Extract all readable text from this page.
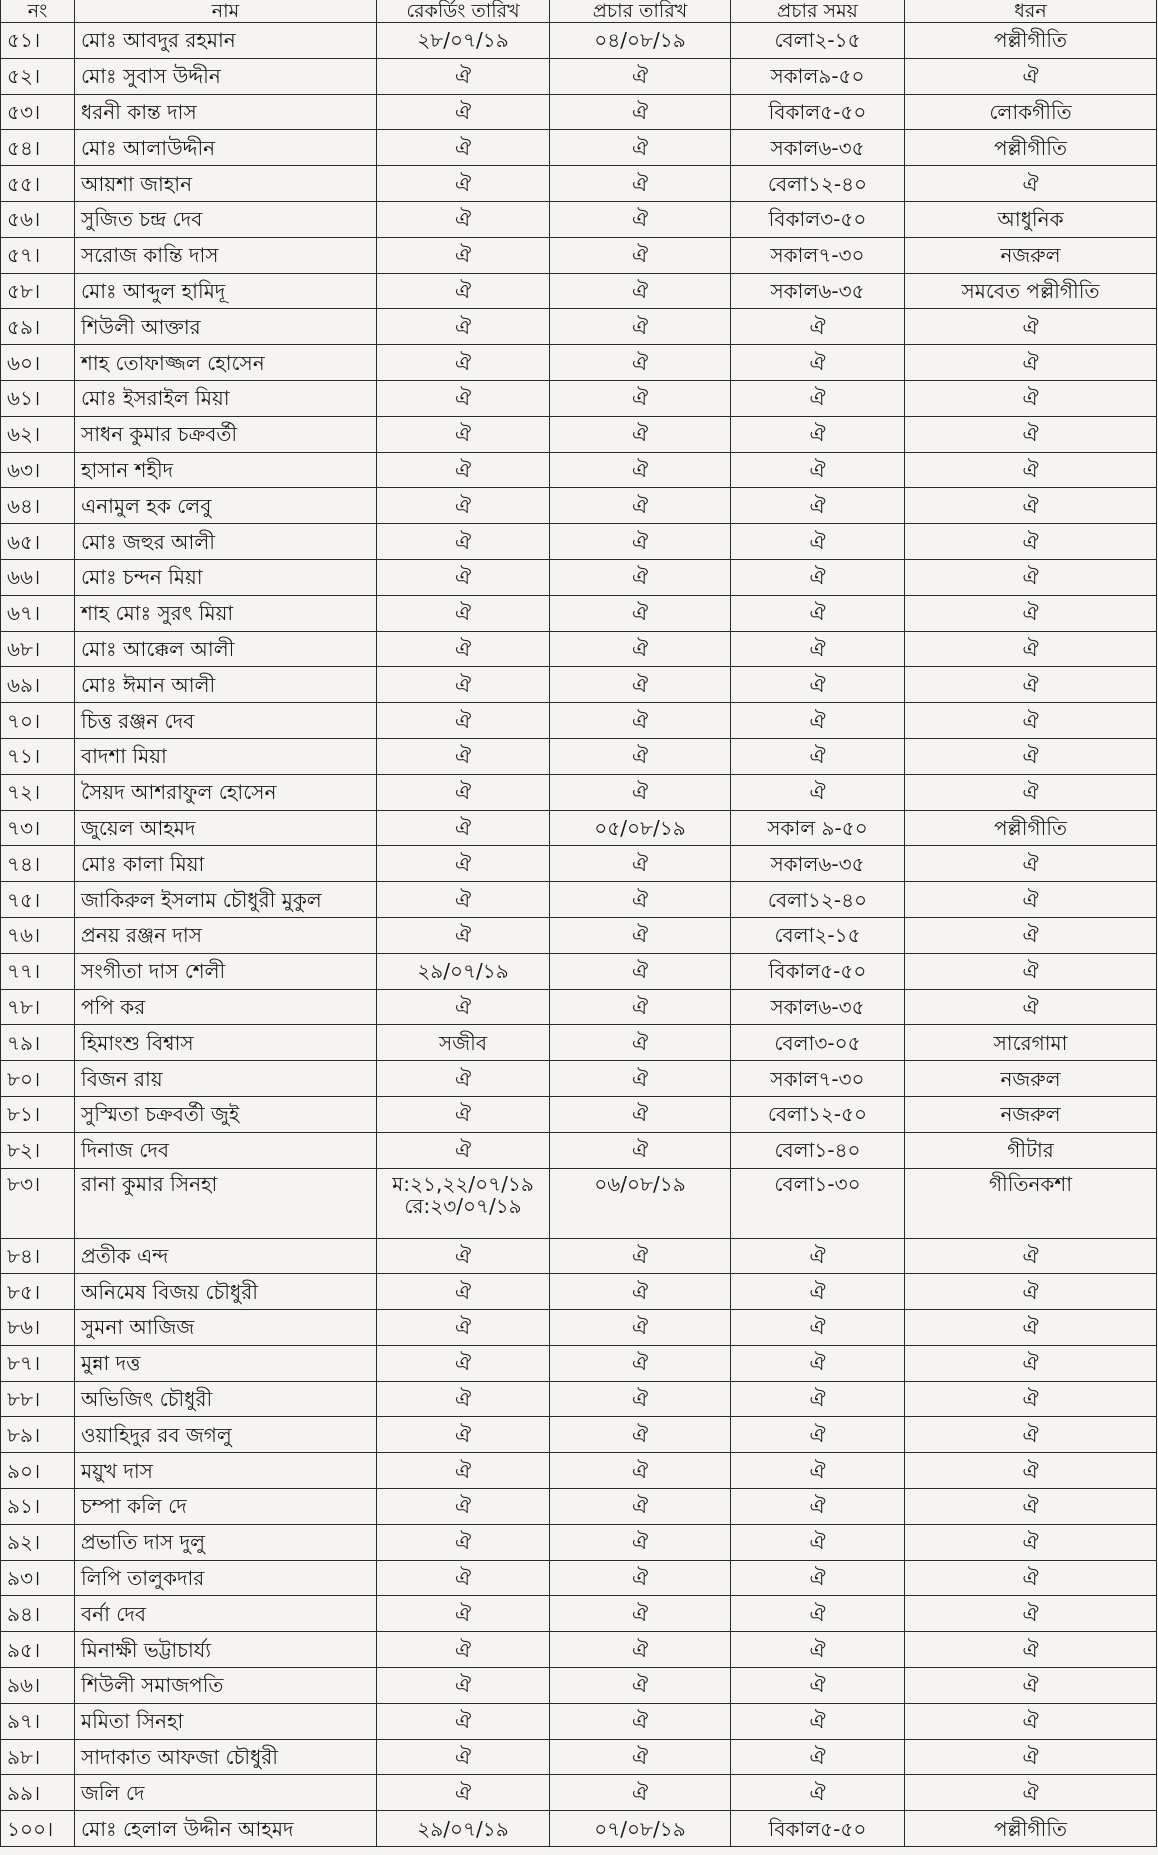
নং	নাম	রেকর্ডিং তারিখ	প্রচার তারিখ	প্রচার সময়	ধরন
৫১।	মোঃ আবদুর রহমান	২৮/০৭/১৯	০৪/০৮/১৯	বেলা২-১৫	পল্লীগীতি
৫২।	মোঃ সুবাস উদ্দীন	ঐ	ঐ	সকাল৯-৫০	ঐ
৫৩।	ধরনী কান্ত দাস	ঐ	ঐ	বিকাল৫-৫০	লোকগীতি
৫৪।	মোঃ আলাউদ্দীন	ঐ	ঐ	সকাল৬-৩৫	পল্লীগীতি
৫৫।	আয়শা জাহান	ঐ	ঐ	বেলা১২-৪০	ঐ
৫৬।	সুজিত চন্দ্র দেব	ঐ	ঐ	বিকাল৩-৫০	আধুনিক
৫৭।	সরোজ কান্তি দাস	ঐ	ঐ	সকাল৭-৩০	নজরুল
৫৮।	মোঃ আব্দুল হামিদূ	ঐ	ঐ	সকাল৬-৩৫	সমবেত পল্লীগীতি
৫৯।	শিউলী আক্তার	ঐ	ঐ	ঐ	ঐ
৬০।	শাহ তোফাজ্জল হোসেন	ঐ	ঐ	ঐ	ঐ
৬১।	মোঃ ইসরাইল মিয়া	ঐ	ঐ	ঐ	ঐ
৬২।	সাধন কুমার চক্রবর্তী	ঐ	ঐ	ঐ	ঐ
৬৩।	হাসান শহীদ	ঐ	ঐ	ঐ	ঐ
৬৪।	এনামুল হক লেবু	ঐ	ঐ	ঐ	ঐ
৬৫।	মোঃ জহুর আলী	ঐ	ঐ	ঐ	ঐ
৬৬।	মোঃ চন্দন মিয়া	ঐ	ঐ	ঐ	ঐ
৬৭।	শাহ মোঃ সুরৎ মিয়া	ঐ	ঐ	ঐ	ঐ
৬৮।	মোঃ আক্কেল আলী	ঐ	ঐ	ঐ	ঐ
৬৯।	মোঃ ঈমান আলী	ঐ	ঐ	ঐ	ঐ
৭০।	চিত্ত রঞ্জন দেব	ঐ	ঐ	ঐ	ঐ
৭১।	বাদশা মিয়া	ঐ	ঐ	ঐ	ঐ
৭২।	সৈয়দ আশরাফুল হোসেন	ঐ	ঐ	ঐ	ঐ
৭৩।	জুয়েল আহমদ	ঐ	০৫/০৮/১৯	সকাল ৯-৫০	পল্লীগীতি
৭৪।	মোঃ কালা মিয়া	ঐ	ঐ	সকাল৬-৩৫	ঐ
৭৫।	জাকিরুল ইসলাম চৌধুরী মুকুল	ঐ	ঐ	বেলা১২-৪০	ঐ
৭৬।	প্রনয় রঞ্জন দাস	ঐ	ঐ	বেলা২-১৫	ঐ
৭৭।	সংগীতা দাস শেলী	২৯/০৭/১৯	ঐ	বিকাল৫-৫০	ঐ
৭৮।	পপি কর	ঐ	ঐ	সকাল৬-৩৫	ঐ
৭৯।	হিমাংশু বিশ্বাস	সজীব	ঐ	বেলা৩-০৫	সারেগামা
৮০।	বিজন রায়	ঐ	ঐ	সকাল৭-৩০	নজরুল
৮১।	সুস্মিতা চক্রবর্তী জুই	ঐ	ঐ	বেলা১২-৫০	নজরুল
৮২।	দিনাজ দেব	ঐ	ঐ	বেলা১-৪০	গীটার
৮৩।	রানা কুমার সিনহা	ম:২১,২২/০৭/১৯
রে:২৩/০৭/১৯	০৬/০৮/১৯	বেলা১-৩০	গীতিনকশা
৮৪।	প্রতীক এন্দ	ঐ	ঐ	ঐ	ঐ
৮৫।	অনিমেষ বিজয় চৌধুরী	ঐ	ঐ	ঐ	ঐ
৮৬।	সুমনা আজিজ	ঐ	ঐ	ঐ	ঐ
৮৭।	মুন্না দত্ত	ঐ	ঐ	ঐ	ঐ
৮৮।	অভিজিৎ চৌধুরী	ঐ	ঐ	ঐ	ঐ
৮৯।	ওয়াহিদুর রব জগলু	ঐ	ঐ	ঐ	ঐ
৯০।	ময়ুখ দাস	ঐ	ঐ	ঐ	ঐ
৯১।	চম্পা কলি দে	ঐ	ঐ	ঐ	ঐ
৯২।	প্রভাতি দাস দুলু	ঐ	ঐ	ঐ	ঐ
৯৩।	লিপি তালুকদার	ঐ	ঐ	ঐ	ঐ
৯৪।	বর্না দেব	ঐ	ঐ	ঐ	ঐ
৯৫।	মিনাক্ষী ভট্টাচার্য্য	ঐ	ঐ	ঐ	ঐ
৯৬।	শিউলী সমাজপতি	ঐ	ঐ	ঐ	ঐ
৯৭।	মমিতা সিনহা	ঐ	ঐ	ঐ	ঐ
৯৮।	সাদাকাত আফজা চৌধুরী	ঐ	ঐ	ঐ	ঐ
৯৯।	জলি দে	ঐ	ঐ	ঐ	ঐ
১০০।	মোঃ হেলাল উদ্দীন আহমদ	২৯/০৭/১৯	০৭/০৮/১৯	বিকাল৫-৫০	পল্লীগীতি
